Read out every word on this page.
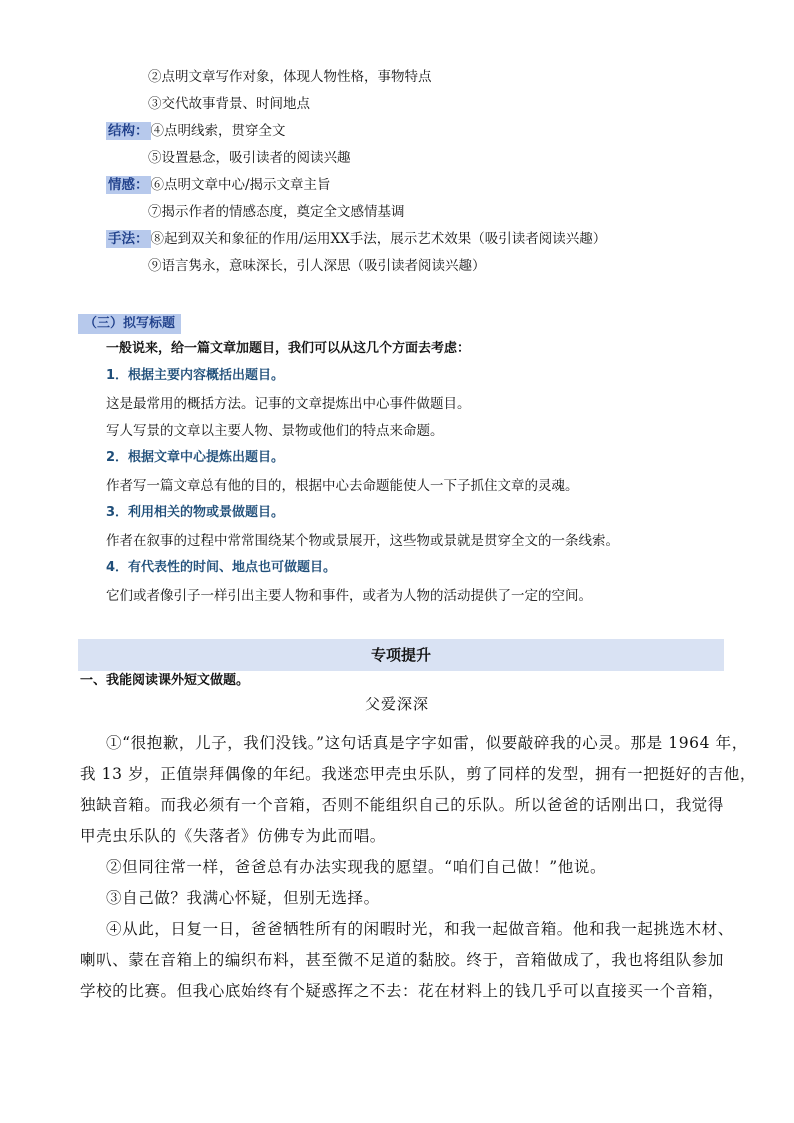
②点明文章写作对象，体现人物性格，事物特点
③交代故事背景、时间地点
结构： ④点明线索，贯穿全文
⑤设置悬念，吸引读者的阅读兴趣
情感： ⑥点明文章中心/揭示文章主旨
⑦揭示作者的情感态度，奠定全文感情基调
手法： ⑧起到双关和象征的作用/运用XX手法，展示艺术效果（吸引读者阅读兴趣）
⑨语言隽永，意味深长，引人深思（吸引读者阅读兴趣）
（三）拟写标题
一般说来，给一篇文章加题目，我们可以从这几个方面去考虑：
1．根据主要内容概括出题目。
这是最常用的概括方法。记事的文章提炼出中心事件做题目。
写人写景的文章以主要人物、景物或他们的特点来命题。
2．根据文章中心提炼出题目。
作者写一篇文章总有他的目的，根据中心去命题能使人一下子抓住文章的灵魂。
3．利用相关的物或景做题目。
作者在叙事的过程中常常围绕某个物或景展开，这些物或景就是贯穿全文的一条线索。
4．有代表性的时间、地点也可做题目。
它们或者像引子一样引出主要人物和事件，或者为人物的活动提供了一定的空间。
专项提升
一、我能阅读课外短文做题。
父爱深深
①“很抱歉，儿子，我们没钱。”这句话真是字字如雷，似要敲碎我的心灵。那是 1964 年，
我 13 岁，正值崇拜偶像的年纪。我迷恋甲壳虫乐队，剪了同样的发型，拥有一把挺好的吉他，
独缺音箱。而我必须有一个音箱，否则不能组织自己的乐队。所以爸爸的话刚出口，我觉得
甲壳虫乐队的《失落者》仿佛专为此而唱。
②但同往常一样，爸爸总有办法实现我的愿望。“咱们自己做！”他说。
③自己做？我满心怀疑，但别无选择。
④从此，日复一日，爸爸牺牲所有的闲暇时光，和我一起做音箱。他和我一起挑选木材、
喇叭、蒙在音箱上的编织布料，甚至微不足道的黏胶。终于，音箱做成了，我也将组队参加
学校的比赛。但我心底始终有个疑惑挥之不去：花在材料上的钱几乎可以直接买一个音箱，
